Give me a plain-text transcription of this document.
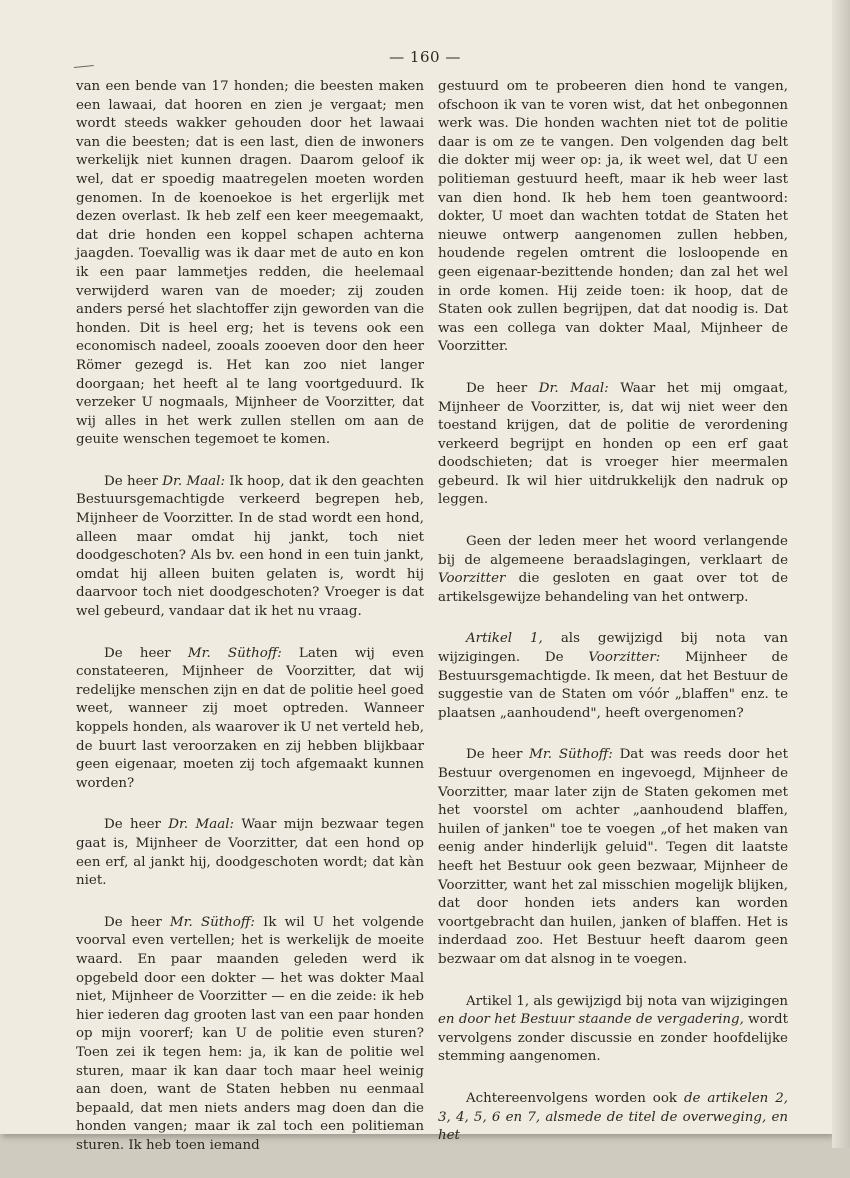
— 160 —

van een bende van 17 honden; die beesten maken een lawaai, dat hooren en zien je vergaat; men wordt steeds wakker gehouden door het lawaai van die beesten; dat is een last, dien de inwoners werkelijk niet kunnen dragen. Daarom geloof ik wel, dat er spoedig maatregelen moeten worden genomen. In de koenoekoe is het ergerlijk met dezen overlast. Ik heb zelf een keer meegemaakt, dat drie honden een koppel schapen achterna jaagden. Toevallig was ik daar met de auto en kon ik een paar lammetjes redden, die heelemaal verwijderd waren van de moeder; zij zouden anders persé het slachtoffer zijn geworden van die honden. Dit is heel erg; het is tevens ook een economisch nadeel, zooals zooeven door den heer Römer gezegd is. Het kan zoo niet langer doorgaan; het heeft al te lang voortgeduurd. Ik verzeker U nogmaals, Mijnheer de Voorzitter, dat wij alles in het werk zullen stellen om aan de geuite wenschen tegemoet te komen.

De heer Dr. Maal: Ik hoop, dat ik den geachten Bestuursgemachtigde verkeerd begrepen heb, Mijnheer de Voorzitter. In de stad wordt een hond, alleen maar omdat hij jankt, toch niet doodgeschoten? Als bv. een hond in een tuin jankt, omdat hij alleen buiten gelaten is, wordt hij daarvoor toch niet doodgeschoten? Vroeger is dat wel gebeurd, vandaar dat ik het nu vraag.

De heer Mr. Süthoff: Laten wij even constateeren, Mijnheer de Voorzitter, dat wij redelijke menschen zijn en dat de politie heel goed weet, wanneer zij moet optreden. Wanneer koppels honden, als waarover ik U net verteld heb, de buurt last veroorzaken en zij hebben blijkbaar geen eigenaar, moeten zij toch afgemaakt kunnen worden?

De heer Dr. Maal: Waar mijn bezwaar tegen gaat is, Mijnheer de Voorzitter, dat een hond op een erf, al jankt hij, doodgeschoten wordt; dat kàn niet.

De heer Mr. Süthoff: Ik wil U het volgende voorval even vertellen; het is werkelijk de moeite waard. En paar maanden geleden werd ik opgebeld door een dokter — het was dokter Maal niet, Mijnheer de Voorzitter — en die zeide: ik heb hier iederen dag grooten last van een paar honden op mijn voorerf; kan U de politie even sturen? Toen zei ik tegen hem: ja, ik kan de politie wel sturen, maar ik kan daar toch maar heel weinig aan doen, want de Staten hebben nu eenmaal bepaald, dat men niets anders mag doen dan die honden vangen; maar ik zal toch een politieman sturen. Ik heb toen iemand

gestuurd om te probeeren dien hond te vangen, ofschoon ik van te voren wist, dat het onbegonnen werk was. Die honden wachten niet tot de politie daar is om ze te vangen. Den volgenden dag belt die dokter mij weer op: ja, ik weet wel, dat U een politieman gestuurd heeft, maar ik heb weer last van dien hond. Ik heb hem toen geantwoord: dokter, U moet dan wachten totdat de Staten het nieuwe ontwerp aangenomen zullen hebben, houdende regelen omtrent die losloopende en geen eigenaar-bezittende honden; dan zal het wel in orde komen. Hij zeide toen: ik hoop, dat de Staten ook zullen begrijpen, dat dat noodig is. Dat was een collega van dokter Maal, Mijnheer de Voorzitter.

De heer Dr. Maal: Waar het mij omgaat, Mijnheer de Voorzitter, is, dat wij niet weer den toestand krijgen, dat de politie de verordening verkeerd begrijpt en honden op een erf gaat doodschieten; dat is vroeger hier meermalen gebeurd. Ik wil hier uitdrukkelijk den nadruk op leggen.

Geen der leden meer het woord verlangende bij de algemeene beraadslagingen, verklaart de Voorzitter die gesloten en gaat over tot de artikelsgewijze behandeling van het ontwerp.

Artikel 1, als gewijzigd bij nota van wijzigingen. De Voorzitter: Mijnheer de Bestuursgemachtigde. Ik meen, dat het Bestuur de suggestie van de Staten om vóór „blaffen" enz. te plaatsen „aanhoudend", heeft overgenomen?

De heer Mr. Süthoff: Dat was reeds door het Bestuur overgenomen en ingevoegd, Mijnheer de Voorzitter, maar later zijn de Staten gekomen met het voorstel om achter „aanhoudend blaffen, huilen of janken" toe te voegen „of het maken van eenig ander hinderlijk geluid". Tegen dit laatste heeft het Bestuur ook geen bezwaar, Mijnheer de Voorzitter, want het zal misschien mogelijk blijken, dat door honden iets anders kan worden voortgebracht dan huilen, janken of blaffen. Het is inderdaad zoo. Het Bestuur heeft daarom geen bezwaar om dat alsnog in te voegen.

Artikel 1, als gewijzigd bij nota van wijzigingen en door het Bestuur staande de vergadering, wordt vervolgens zonder discussie en zonder hoofdelijke stemming aangenomen.

Achtereenvolgens worden ook de artikelen 2, 3, 4, 5, 6 en 7, alsmede de titel de overweging, en het
